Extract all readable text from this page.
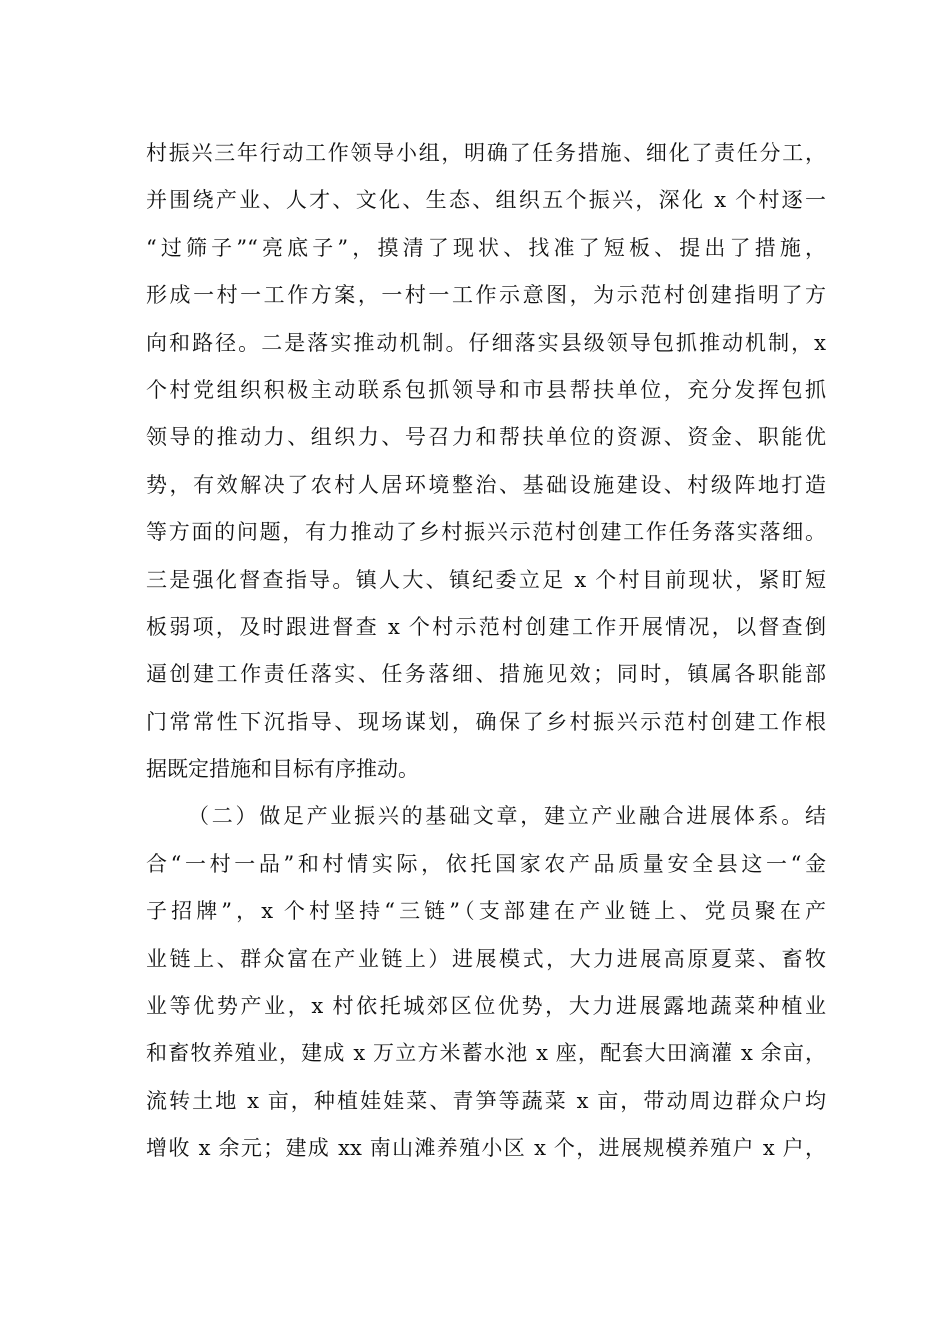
村振兴三年行动工作领导小组，明确了任务措施、细化了责任分工，
并围绕产业、人才、文化、生态、组织五个振兴，深化 x 个村逐一
“过筛子”“亮底子”，摸清了现状、找准了短板、提出了措施，
形成一村一工作方案，一村一工作示意图，为示范村创建指明了方
向和路径。二是落实推动机制。仔细落实县级领导包抓推动机制，x
个村党组织积极主动联系包抓领导和市县帮扶单位，充分发挥包抓
领导的推动力、组织力、号召力和帮扶单位的资源、资金、职能优
势，有效解决了农村人居环境整治、基础设施建设、村级阵地打造
等方面的问题，有力推动了乡村振兴示范村创建工作任务落实落细。
三是强化督查指导。镇人大、镇纪委立足 x 个村目前现状，紧盯短
板弱项，及时跟进督查 x 个村示范村创建工作开展情况，以督查倒
逼创建工作责任落实、任务落细、措施见效；同时，镇属各职能部
门常常性下沉指导、现场谋划，确保了乡村振兴示范村创建工作根
据既定措施和目标有序推动。
（二）做足产业振兴的基础文章，建立产业融合进展体系。结
合“一村一品”和村情实际，依托国家农产品质量安全县这一“金
子招牌”，x 个村坚持“三链”（支部建在产业链上、党员聚在产
业链上、群众富在产业链上）进展模式，大力进展高原夏菜、畜牧
业等优势产业，x 村依托城郊区位优势，大力进展露地蔬菜种植业
和畜牧养殖业，建成 x 万立方米蓄水池 x 座，配套大田滴灌 x 余亩，
流转土地 x 亩，种植娃娃菜、青笋等蔬菜 x 亩，带动周边群众户均
增收 x 余元；建成 xx 南山滩养殖小区 x 个，进展规模养殖户 x 户，
